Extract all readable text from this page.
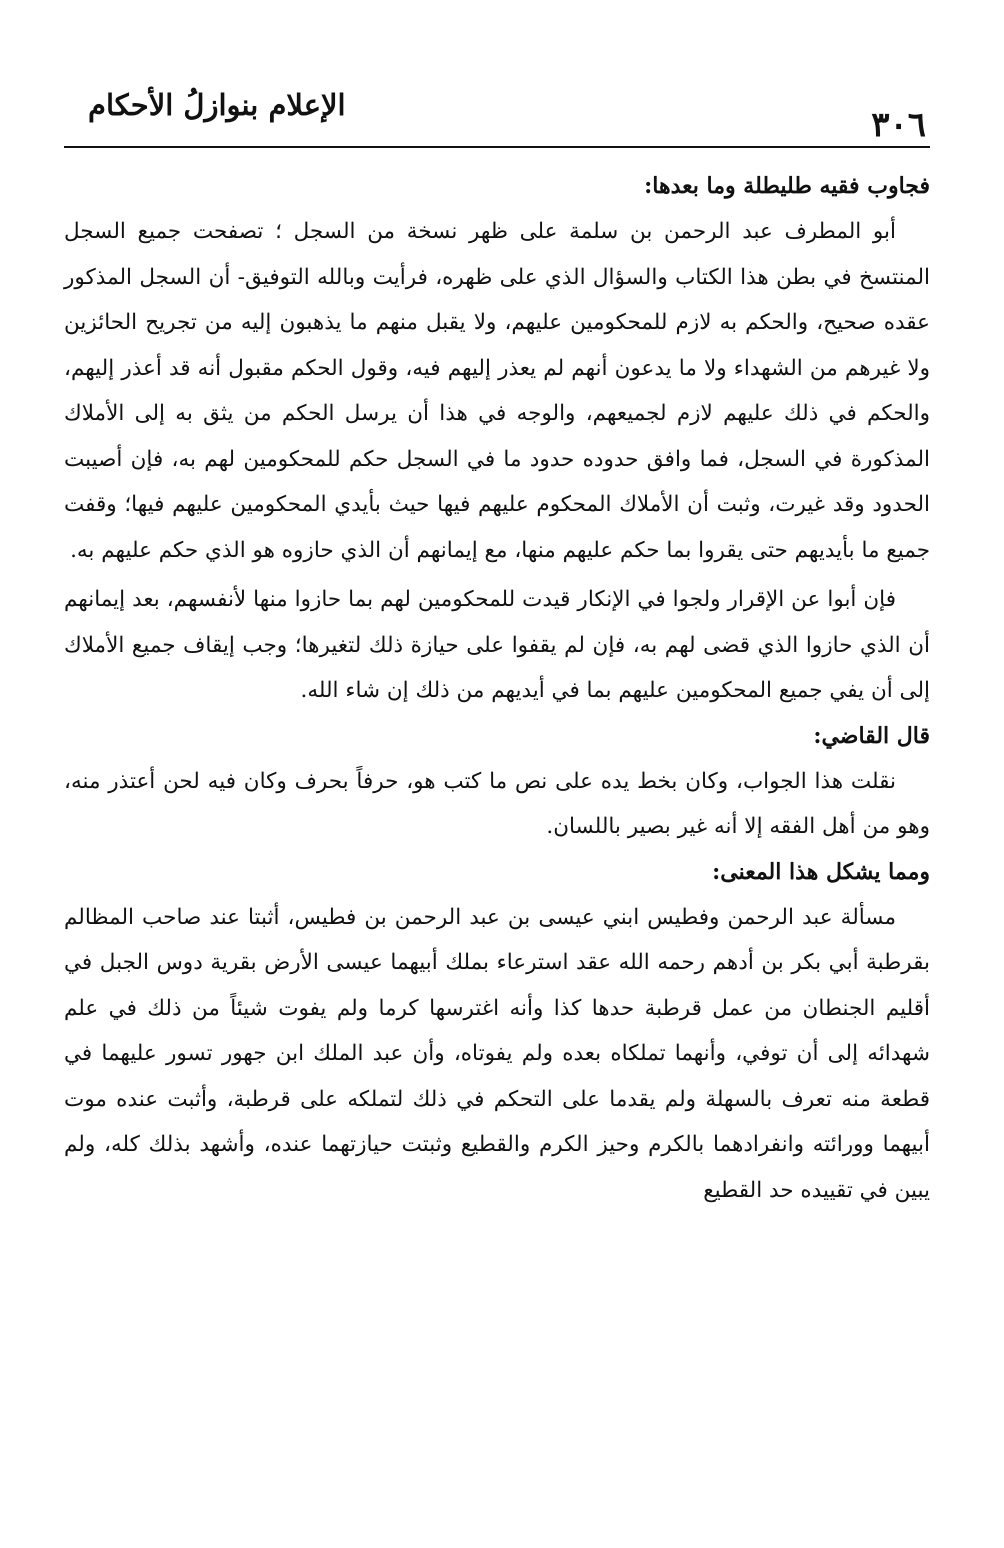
٣٠٦
الإعلام بنوازلُ الأحكام

فجاوب فقيه طليطلة وما بعدها:

أبو المطرف عبد الرحمن بن سلمة على ظهر نسخة من السجل ؛ تصفحت جميع السجل المنتسخ في بطن هذا الكتاب والسؤال الذي على ظهره، فرأيت وبالله التوفيق- أن السجل المذكور عقده صحيح، والحكم به لازم للمحكومين عليهم، ولا يقبل منهم ما يذهبون إليه من تجريح الحائزين ولا غيرهم من الشهداء ولا ما يدعون أنهم لم يعذر إليهم فيه، وقول الحكم مقبول أنه قد أعذر إليهم، والحكم في ذلك عليهم لازم لجميعهم، والوجه في هذا أن يرسل الحكم من يثق به إلى الأملاك المذكورة في السجل، فما وافق حدوده حدود ما في السجل حكم للمحكومين لهم به، فإن أصيبت الحدود وقد غيرت، وثبت أن الأملاك المحكوم عليهم فيها حيث بأيدي المحكومين عليهم فيها؛ وقفت جميع ما بأيديهم حتى يقروا بما حكم عليهم منها، مع إيمانهم أن الذي حازوه هو الذي حكم عليهم به.

فإن أبوا عن الإقرار ولجوا في الإنكار قيدت للمحكومين لهم بما حازوا منها لأنفسهم، بعد إيمانهم أن الذي حازوا الذي قضى لهم به، فإن لم يقفوا على حيازة ذلك لتغيرها؛ وجب إيقاف جميع الأملاك إلى أن يفي جميع المحكومين عليهم بما في أيديهم من ذلك إن شاء الله.

قال القاضي:

نقلت هذا الجواب، وكان بخط يده على نص ما كتب هو، حرفاً بحرف وكان فيه لحن أعتذر منه، وهو من أهل الفقه إلا أنه غير بصير باللسان.

ومما يشكل هذا المعنى:

مسألة عبد الرحمن وفطيس ابني عيسى بن عبد الرحمن بن فطيس، أثبتا عند صاحب المظالم بقرطبة أبي بكر بن أدهم رحمه الله عقد استرعاء بملك أبيهما عيسى الأرض بقرية دوس الجبل في أقليم الجنطان من عمل قرطبة حدها كذا وأنه اغترسها كرما ولم يفوت شيئاً من ذلك في علم شهدائه إلى أن توفي، وأنهما تملكاه بعده ولم يفوتاه، وأن عبد الملك ابن جهور تسور عليهما في قطعة منه تعرف بالسهلة ولم يقدما على التحكم في ذلك لتملكه على قرطبة، وأثبت عنده موت أبيهما وورائته وانفرادهما بالكرم وحيز الكرم والقطيع وثبتت حيازتهما عنده، وأشهد بذلك كله، ولم يبين في تقييده حد القطيع
